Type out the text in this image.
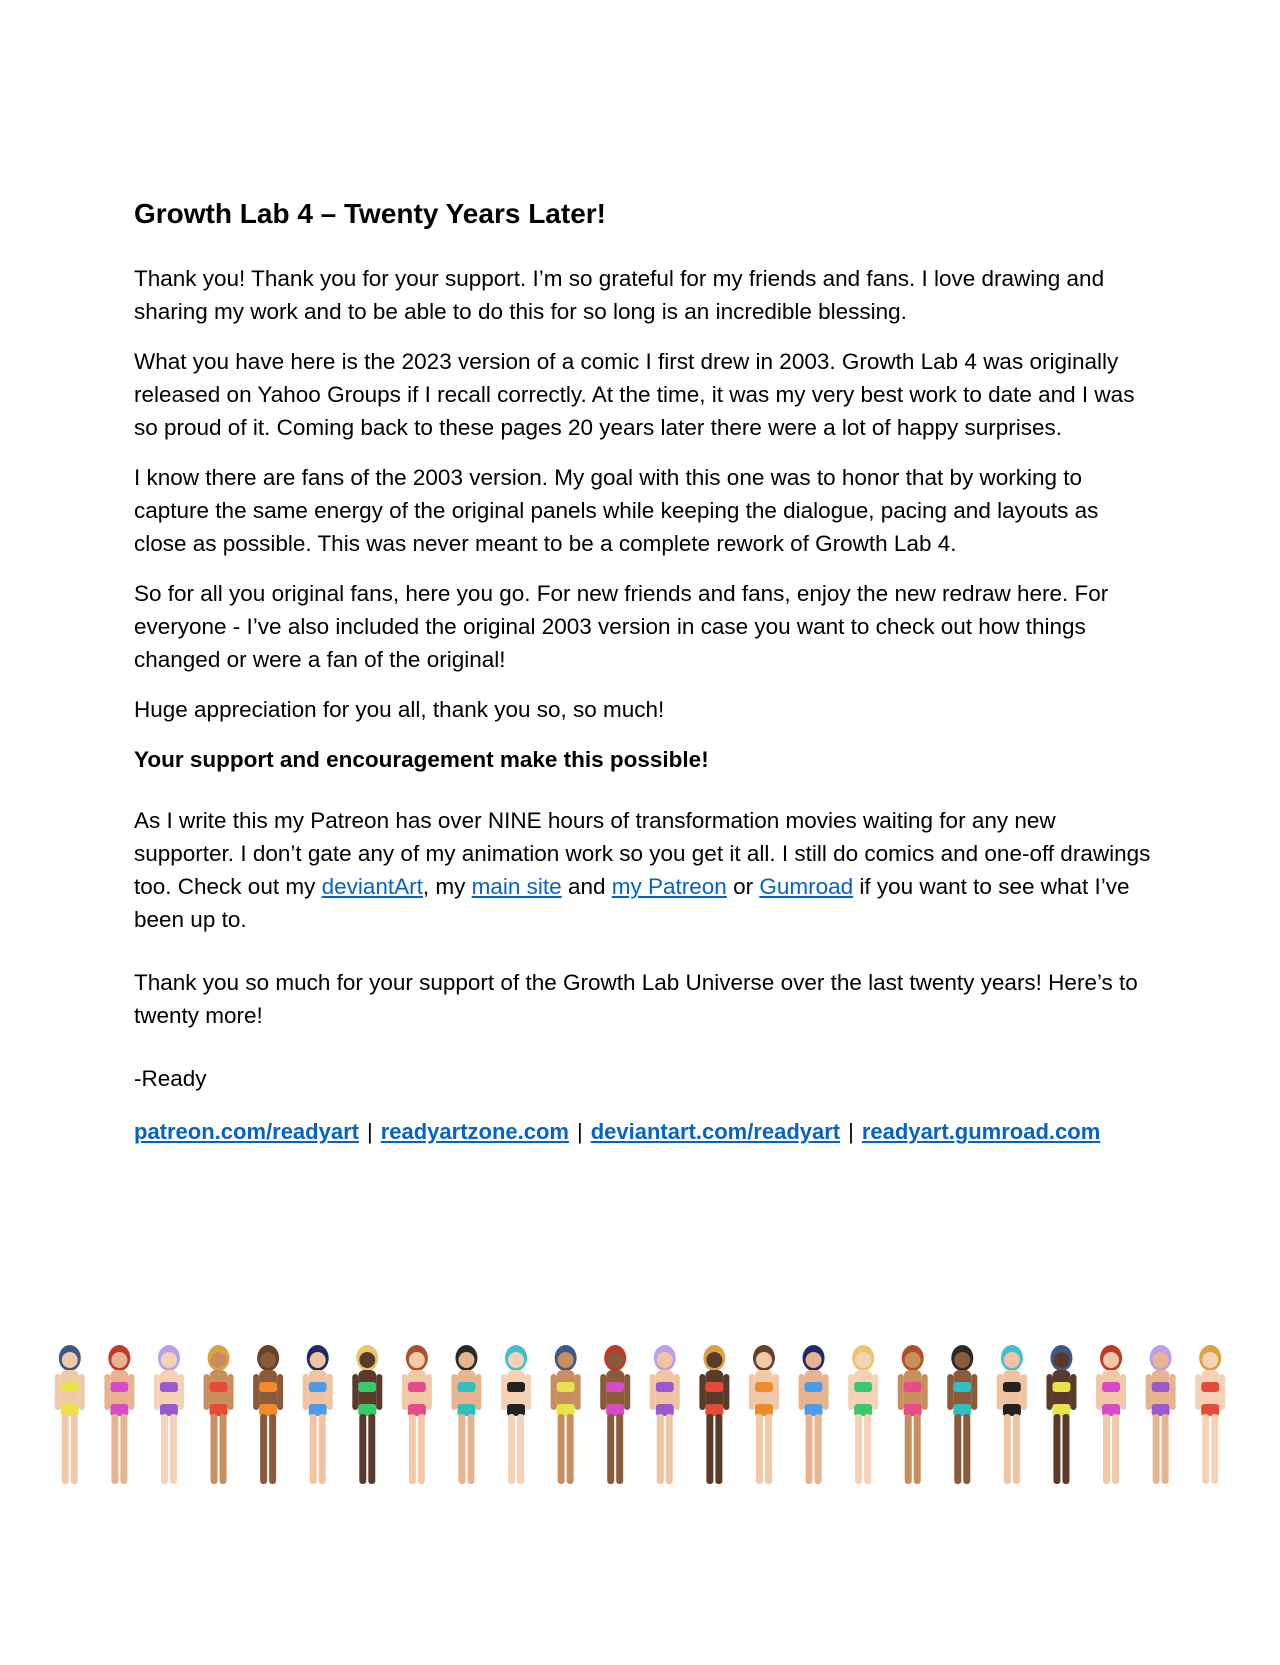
Growth Lab 4 – Twenty Years Later!

Thank you! Thank you for your support. I’m so grateful for my friends and fans. I love drawing and sharing my work and to be able to do this for so long is an incredible blessing.

What you have here is the 2023 version of a comic I first drew in 2003. Growth Lab 4 was originally released on Yahoo Groups if I recall correctly. At the time, it was my very best work to date and I was so proud of it. Coming back to these pages 20 years later there were a lot of happy surprises.

I know there are fans of the 2003 version. My goal with this one was to honor that by working to capture the same energy of the original panels while keeping the dialogue, pacing and layouts as close as possible. This was never meant to be a complete rework of Growth Lab 4.

So for all you original fans, here you go. For new friends and fans, enjoy the new redraw here. For everyone - I’ve also included the original 2003 version in case you want to check out how things changed or were a fan of the original!

Huge appreciation for you all, thank you so, so much!

Your support and encouragement make this possible!

As I write this my Patreon has over NINE hours of transformation movies waiting for any new supporter. I don’t gate any of my animation work so you get it all. I still do comics and one-off drawings too. Check out my deviantArt, my main site and my Patreon or Gumroad if you want to see what I’ve been up to.

Thank you so much for your support of the Growth Lab Universe over the last twenty years! Here’s to twenty more!

-Ready

patreon.com/readyart | readyartzone.com | deviantart.com/readyart | readyart.gumroad.com
